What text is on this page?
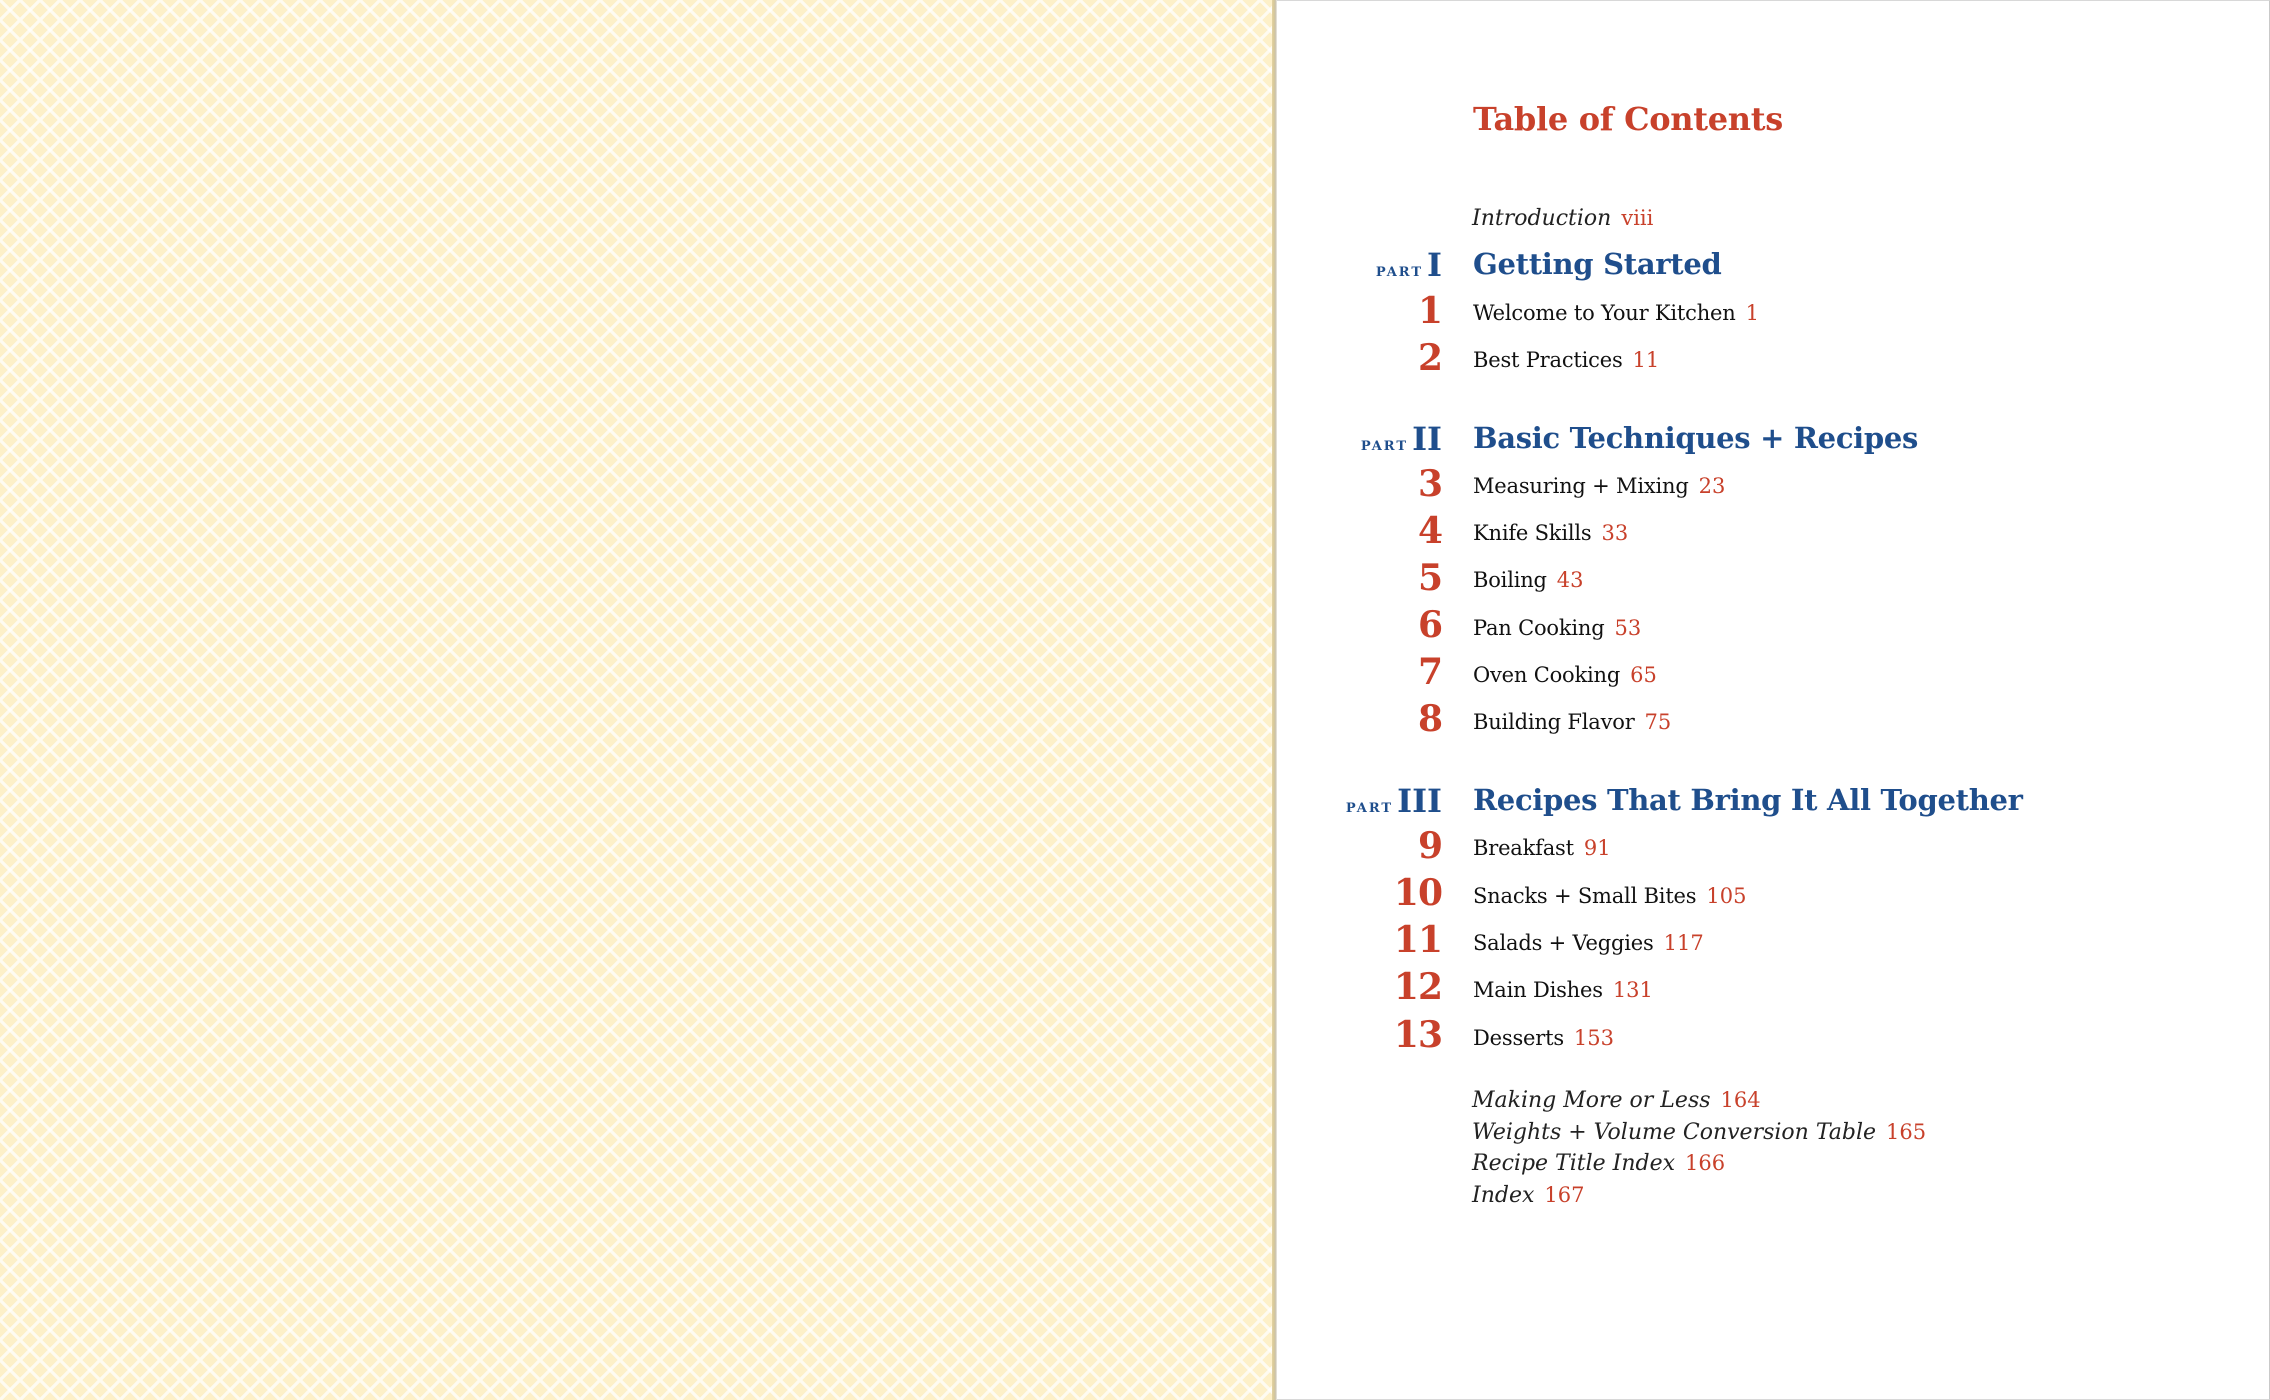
Table of Contents
Introduction viii
PART I Getting Started
1 Welcome to Your Kitchen 1
2 Best Practices 11
PART II Basic Techniques + Recipes
3 Measuring + Mixing 23
4 Knife Skills 33
5 Boiling 43
6 Pan Cooking 53
7 Oven Cooking 65
8 Building Flavor 75
PART III Recipes That Bring It All Together
9 Breakfast 91
10 Snacks + Small Bites 105
11 Salads + Veggies 117
12 Main Dishes 131
13 Desserts 153
Making More or Less 164
Weights + Volume Conversion Table 165
Recipe Title Index 166
Index 167
